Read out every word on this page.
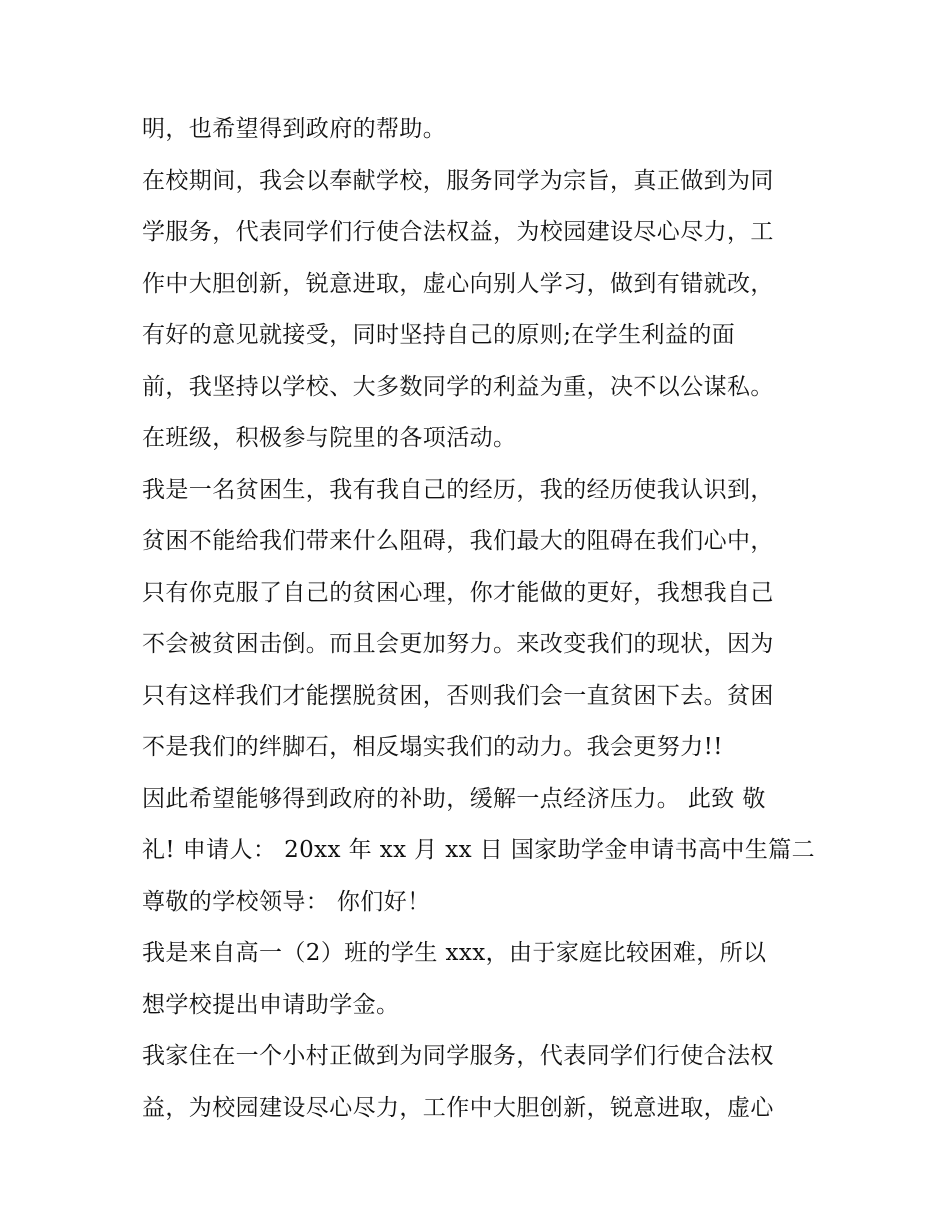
明，也希望得到政府的帮助。
在校期间，我会以奉献学校，服务同学为宗旨，真正做到为同
学服务，代表同学们行使合法权益，为校园建设尽心尽力，工
作中大胆创新，锐意进取，虚心向别人学习，做到有错就改，
有好的意见就接受，同时坚持自己的原则;在学生利益的面
前，我坚持以学校、大多数同学的利益为重，决不以公谋私。
在班级，积极参与院里的各项活动。
我是一名贫困生，我有我自己的经历，我的经历使我认识到，
贫困不能给我们带来什么阻碍，我们最大的阻碍在我们心中，
只有你克服了自己的贫困心理，你才能做的更好，我想我自己
不会被贫困击倒。而且会更加努力。来改变我们的现状，因为
只有这样我们才能摆脱贫困，否则我们会一直贫困下去。贫困
不是我们的绊脚石，相反塌实我们的动力。我会更努力!!
因此希望能够得到政府的补助，缓解一点经济压力。 此致 敬
礼! 申请人： 20xx 年 xx 月 xx 日 国家助学金申请书高中生篇二
尊敬的学校领导： 你们好！
我是来自高一（2）班的学生 xxx，由于家庭比较困难，所以
想学校提出申请助学金。
我家住在一个小村正做到为同学服务，代表同学们行使合法权
益，为校园建设尽心尽力，工作中大胆创新，锐意进取，虚心
